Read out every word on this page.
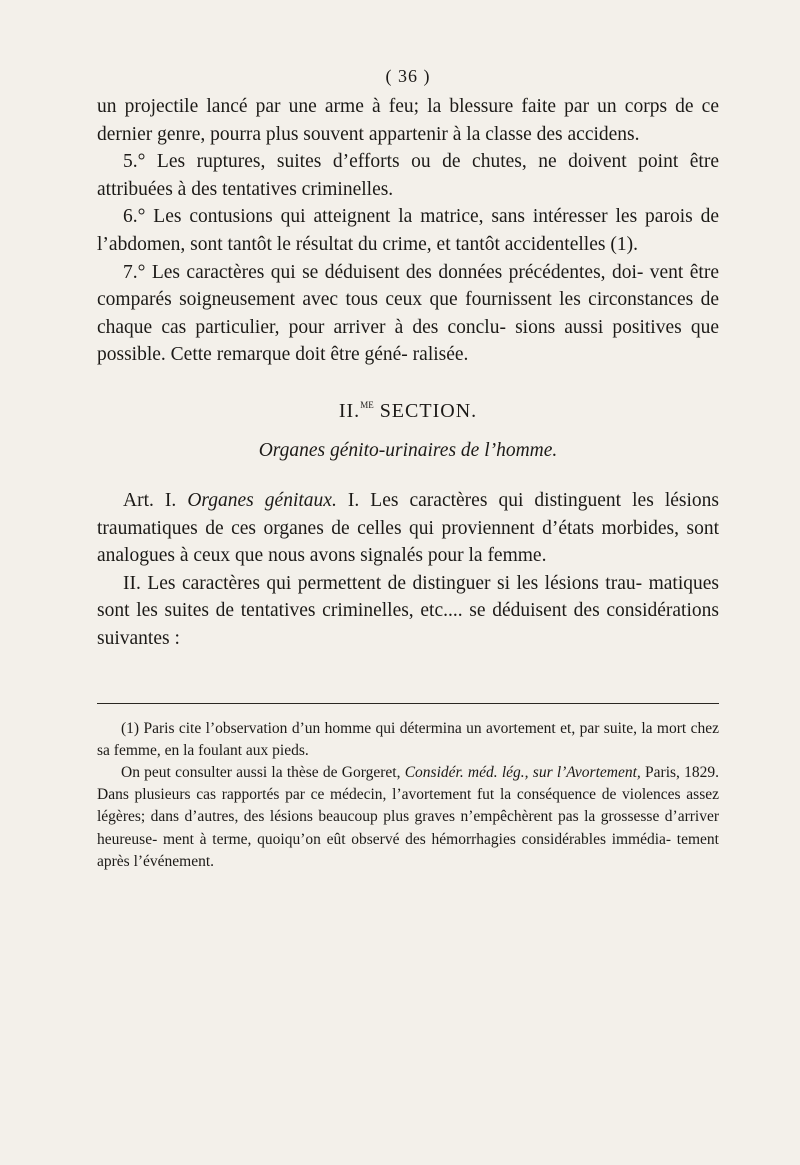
( 36 )

un projectile lancé par une arme à feu; la blessure faite par un corps de ce dernier genre, pourra plus souvent appartenir à la classe des accidens.

5.° Les ruptures, suites d’efforts ou de chutes, ne doivent point être attribuées à des tentatives criminelles.

6.° Les contusions qui atteignent la matrice, sans intéresser les parois de l’abdomen, sont tantôt le résultat du crime, et tantôt accidentelles (1).

7.° Les caractères qui se déduisent des données précédentes, doi- vent être comparés soigneusement avec tous ceux que fournissent les circonstances de chaque cas particulier, pour arriver à des conclu- sions aussi positives que possible. Cette remarque doit être géné- ralisée.

II.$^{ME}$ SECTION.
Organes génito-urinaires de l’homme.

Art. I. Organes génitaux. I. Les caractères qui distinguent les lésions traumatiques de ces organes de celles qui proviennent d’états morbides, sont analogues à ceux que nous avons signalés pour la femme.

II. Les caractères qui permettent de distinguer si les lésions trau- matiques sont les suites de tentatives criminelles, etc.... se déduisent des considérations suivantes :

(1) Paris cite l’observation d’un homme qui détermina un avortement et, par suite, la mort chez sa femme, en la foulant aux pieds.

On peut consulter aussi la thèse de Gorgeret, Considér. méd. lég., sur l’Avortement, Paris, 1829. Dans plusieurs cas rapportés par ce médecin, l’avortement fut la conséquence de violences assez légères; dans d’autres, des lésions beaucoup plus graves n’empêchèrent pas la grossesse d’arriver heureuse- ment à terme, quoiqu’on eût observé des hémorrhagies considérables immédia- tement après l’événement.
